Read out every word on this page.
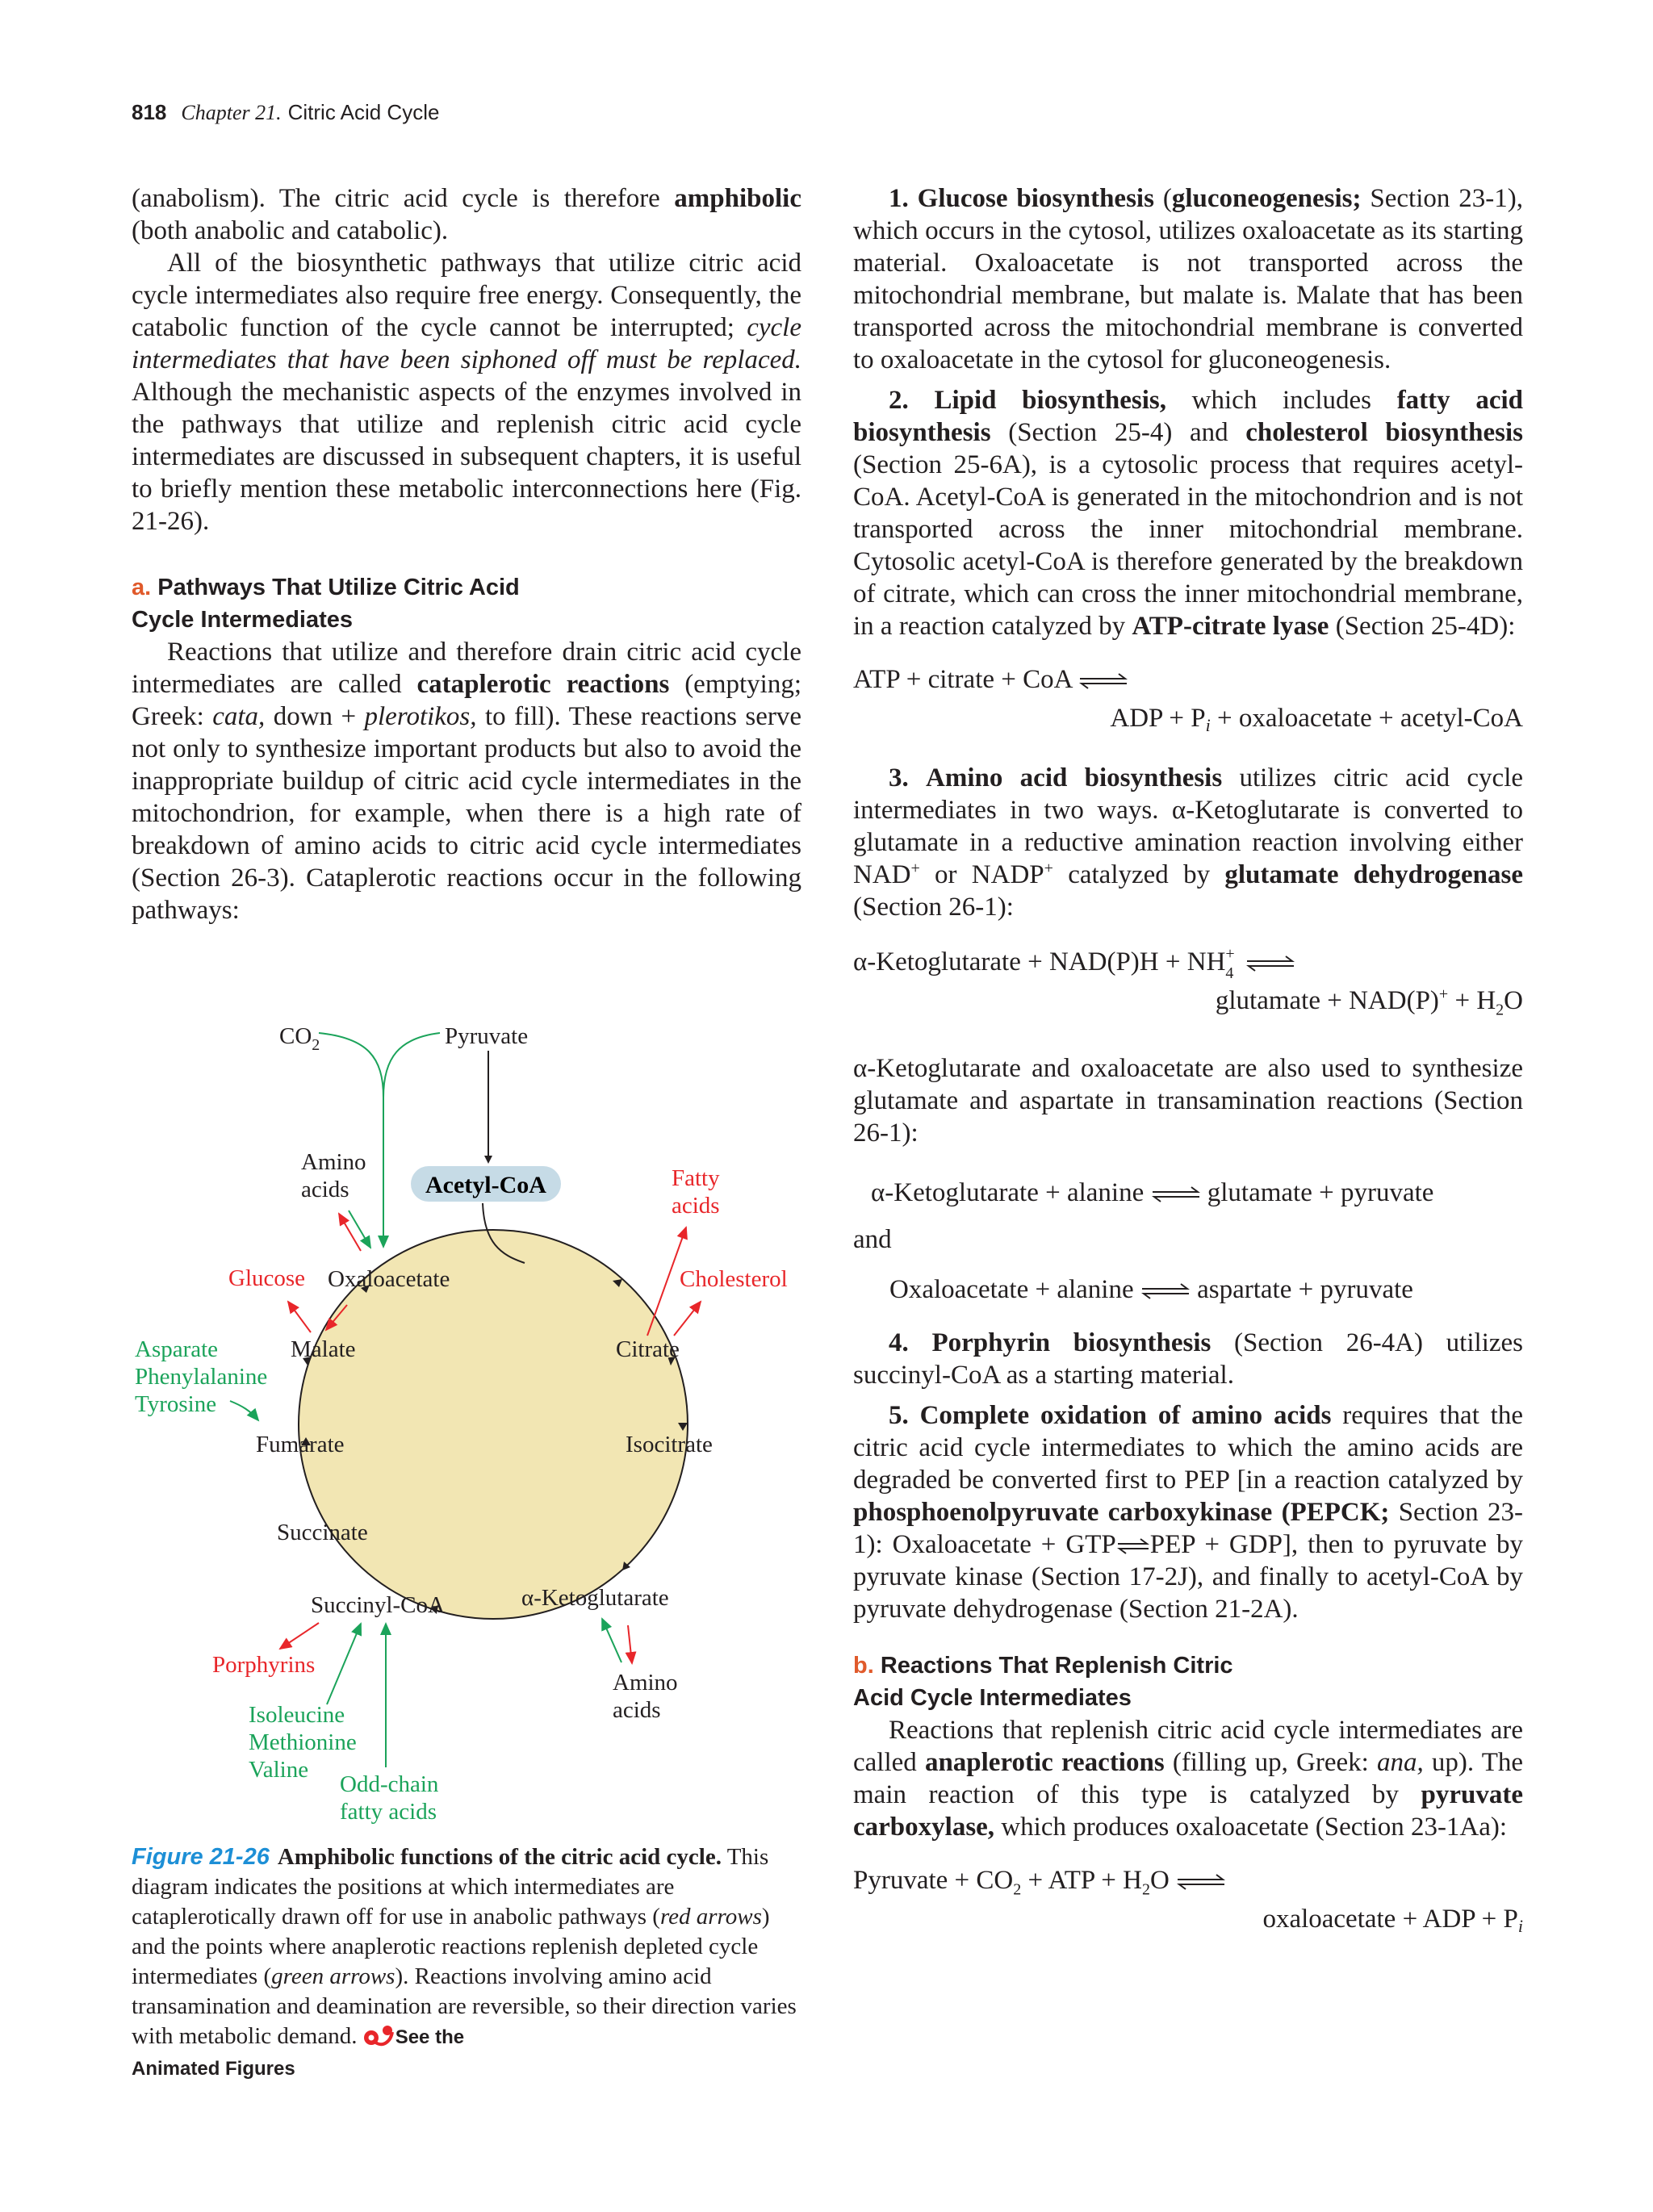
818 Chapter 21. Citric Acid Cycle

(anabolism). The citric acid cycle is therefore amphibolic (both anabolic and catabolic).

All of the biosynthetic pathways that utilize citric acid cycle intermediates also require free energy. Consequently, the catabolic function of the cycle cannot be interrupted; cycle intermediates that have been siphoned off must be replaced. Although the mechanistic aspects of the enzymes involved in the pathways that utilize and replenish citric acid cycle intermediates are discussed in subsequent chapters, it is useful to briefly mention these metabolic interconnections here (Fig. 21-26).

a. Pathways That Utilize Citric Acid
Cycle Intermediates

Reactions that utilize and therefore drain citric acid cycle intermediates are called cataplerotic reactions (emptying; Greek: cata, down + plerotikos, to fill). These reactions serve not only to synthesize important products but also to avoid the inappropriate buildup of citric acid cycle intermediates in the mitochondrion, for example, when there is a high rate of breakdown of amino acids to citric acid cycle intermediates (Section 26-3). Cataplerotic reactions occur in the following pathways:

Acetyl-CoA
$CO_2$	Pyruvate
Amino
acids
Oxaloacetate
Malate	Citrate
Fumarate	Isocitrate
Succinate
Succinyl-CoA	α-Ketoglutarate
Amino
acids
Fatty
acids
Glucose	Cholesterol
Porphyrins
Asparate
Phenylalanine
Tyrosine
Isoleucine
Methionine
Valine
Odd-chain
fatty acids

Figure 21-26 Amphibolic functions of the citric acid cycle. This diagram indicates the positions at which intermediates are cataplerotically drawn off for use in anabolic pathways (red arrows) and the points where anaplerotic reactions replenish depleted cycle intermediates (green arrows). Reactions involving amino acid transamination and deamination are reversible, so their direction varies with metabolic demand. See the

Animated Figures

1. Glucose biosynthesis (gluconeogenesis; Section 23-1), which occurs in the cytosol, utilizes oxaloacetate as its starting material. Oxaloacetate is not transported across the mitochondrial membrane, but malate is. Malate that has been transported across the mitochondrial membrane is converted to oxaloacetate in the cytosol for gluconeogenesis.

2. Lipid biosynthesis, which includes fatty acid biosynthesis (Section 25-4) and cholesterol biosynthesis (Section 25-6A), is a cytosolic process that requires acetyl-CoA. Acetyl-CoA is generated in the mitochondrion and is not transported across the inner mitochondrial membrane. Cytosolic acetyl-CoA is therefore generated by the breakdown of citrate, which can cross the inner mitochondrial membrane, in a reaction catalyzed by ATP-citrate lyase (Section 25-4D):

ATP + citrate + CoA ⇌
ADP + Pi + oxaloacetate + acetyl-CoA

3. Amino acid biosynthesis utilizes citric acid cycle intermediates in two ways. α-Ketoglutarate is converted to glutamate in a reductive amination reaction involving either NAD+ or NADP+ catalyzed by glutamate dehydrogenase (Section 26-1):

α-Ketoglutarate + NAD(P)H + NH +
4

glutamate + $NAD(P)^+ + H_2O$

α-Ketoglutarate and oxaloacetate are also used to synthesize glutamate and aspartate in transamination reactions (Section 26-1):

α-Ketoglutarate + alanine ⇌ glutamate + pyruvate

and

Oxaloacetate + alanine ⇌ aspartate + pyruvate

4. Porphyrin biosynthesis (Section 26-4A) utilizes succinyl-CoA as a starting material.

5. Complete oxidation of amino acids requires that the citric acid cycle intermediates to which the amino acids are degraded be converted first to PEP [in a reaction catalyzed by phosphoenolpyruvate carboxykinase (PEPCK; Section 23-1): Oxaloacetate + GTP⇌PEP + GDP], then to pyruvate by pyruvate kinase (Section 17-2J), and finally to acetyl-CoA by pyruvate dehydrogenase (Section 21-2A).

b. Reactions That Replenish Citric
Acid Cycle Intermediates

Reactions that replenish citric acid cycle intermediates are called anaplerotic reactions (filling up, Greek: ana, up). The main reaction of this type is catalyzed by pyruvate carboxylase, which produces oxaloacetate (Section 23-1Aa):

Pyruvate + $CO_2$ + ATP + $H_2O$ ⇌
oxaloacetate + ADP + Pi
